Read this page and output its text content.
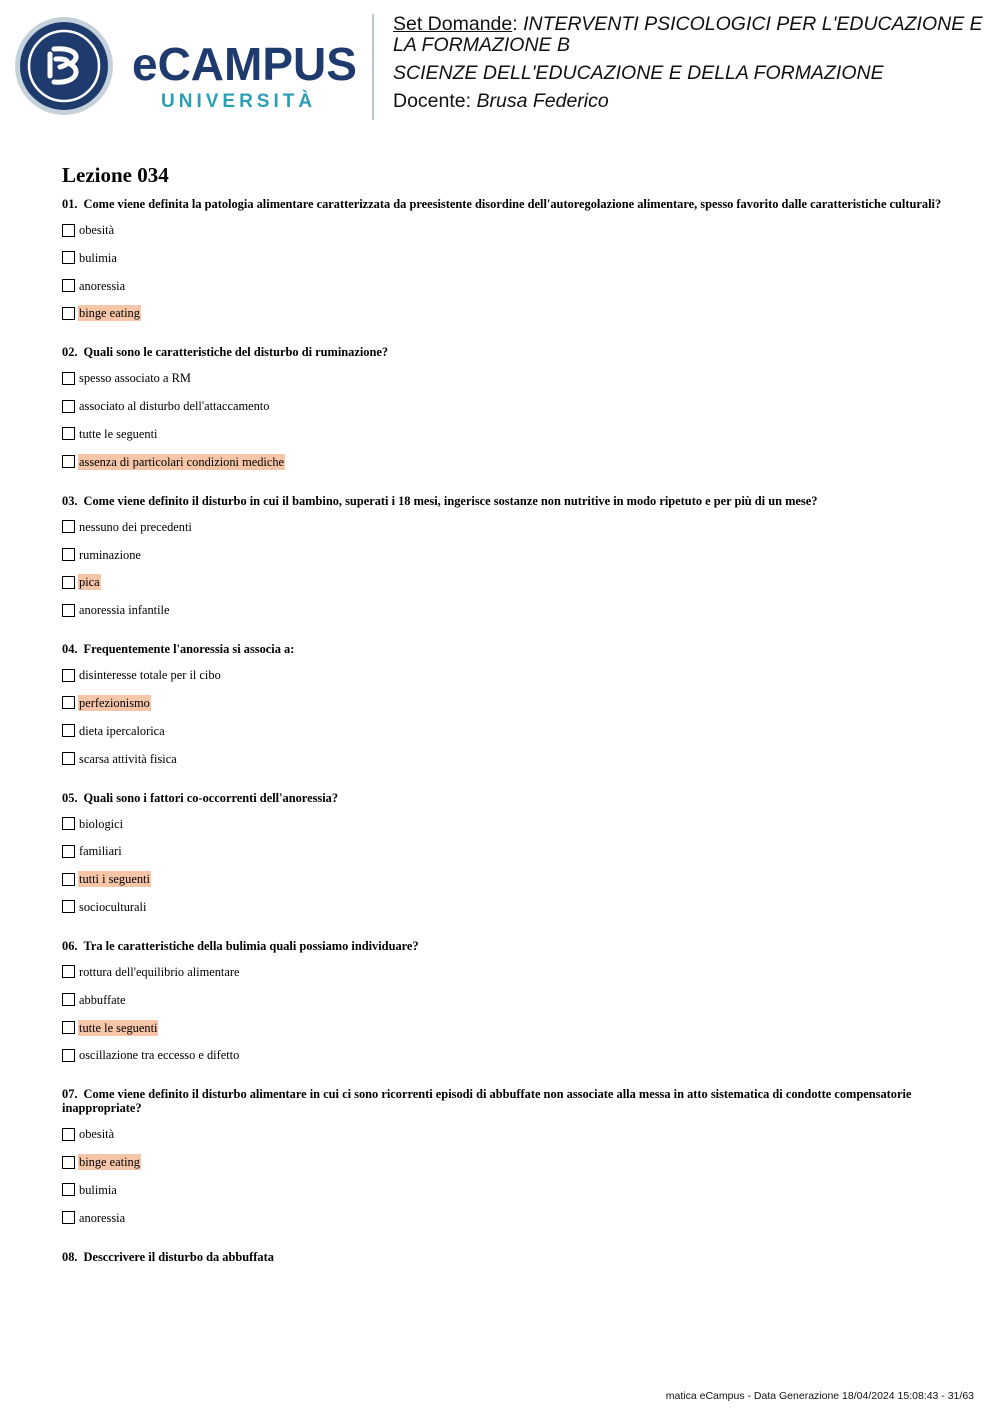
eCAMPUS
UNIVERSITÀ

Set Domande: INTERVENTI PSICOLOGICI PER L'EDUCAZIONE E LA FORMAZIONE B

SCIENZE DELL'EDUCAZIONE E DELLA FORMAZIONE

Docente: Brusa Federico

Lezione 034
01. Come viene definita la patologia alimentare caratterizzata da preesistente disordine dell'autoregolazione alimentare, spesso favorito dalle caratteristiche culturali?
obesità
bulimia
anoressia
binge eating
02. Quali sono le caratteristiche del disturbo di ruminazione?
spesso associato a RM
associato al disturbo dell'attaccamento
tutte le seguenti
assenza di particolari condizioni mediche
03. Come viene definito il disturbo in cui il bambino, superati i 18 mesi, ingerisce sostanze non nutritive in modo ripetuto e per più di un mese?
nessuno dei precedenti
ruminazione
pica
anoressia infantile
04. Frequentemente l'anoressia si associa a:
disinteresse totale per il cibo
perfezionismo
dieta ipercalorica
scarsa attività fisica
05. Quali sono i fattori co-occorrenti dell'anoressia?
biologici
familiari
tutti i seguenti
socioculturali
06. Tra le caratteristiche della bulimia quali possiamo individuare?
rottura dell'equilibrio alimentare
abbuffate
tutte le seguenti
oscillazione tra eccesso e difetto
07. Come viene definito il disturbo alimentare in cui ci sono ricorrenti episodi di abbuffate non associate alla messa in atto sistematica di condotte compensatorie inappropriate?
obesità
binge eating
bulimia
anoressia
08. Desccrivere il disturbo da abbuffata
matica eCampus - Data Generazione 18/04/2024 15:08:43 - 31/63
